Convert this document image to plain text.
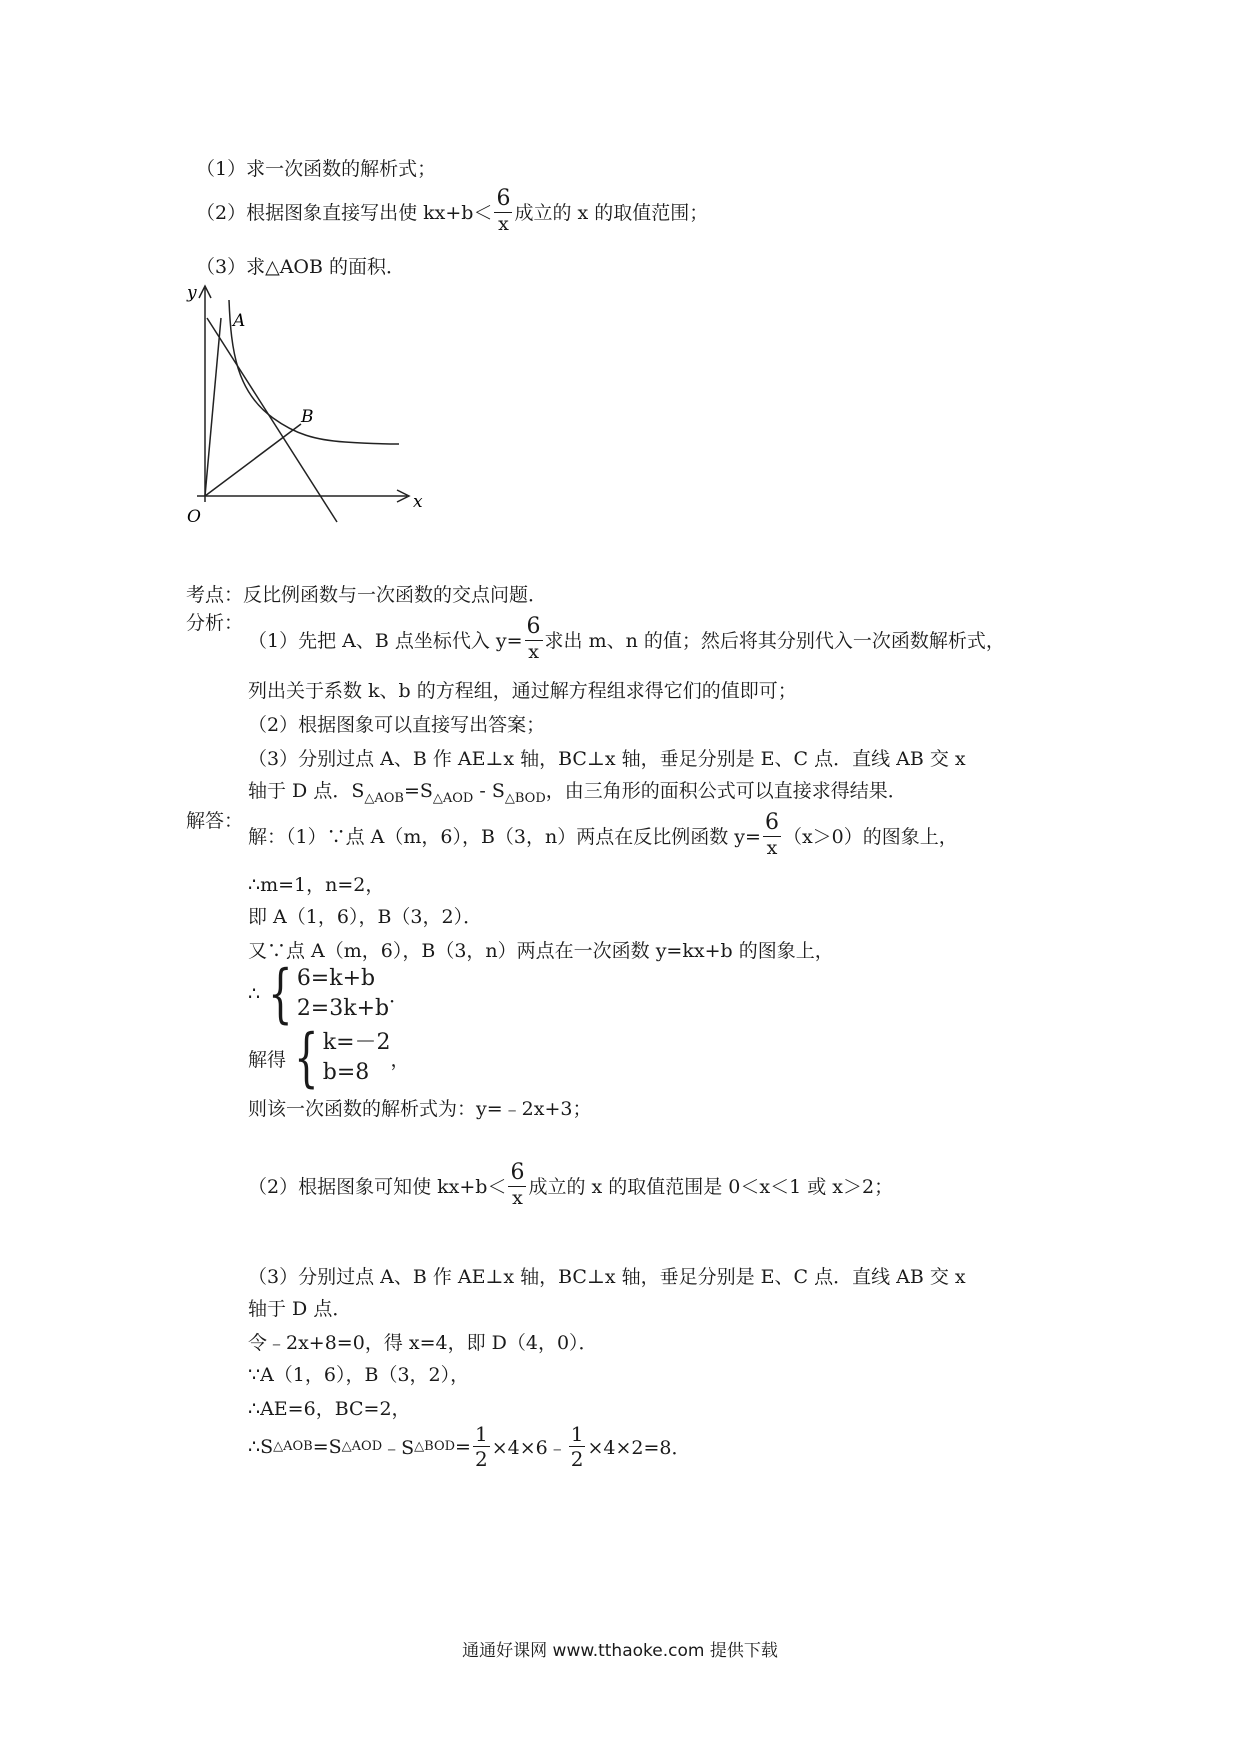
（1）求一次函数的解析式；
（2）根据图象直接写出使 $kx+b< \frac{6}{x}$ 成立的 x 的取值范围；
（3）求△AOB 的面积．
y
x
O
A
B
考点：反比例函数与一次函数的交点问题．
分析：
（1）先把 A、B 点坐标代入 $y= \frac{6}{x}$ 求出 m、n 的值；然后将其分别代入一次函数解析式，
列出关于系数 k、b 的方程组，通过解方程组求得它们的值即可；
（2）根据图象可以直接写出答案；
（3）分别过点 A、B 作 AE⊥x 轴，BC⊥x 轴，垂足分别是 E、C 点．直线 AB 交 x
轴于 D 点．$S_{\triangle AOB}=S_{\triangle AOD} - S_{\triangle BOD}$，由三角形的面积公式可以直接求得结果．
解答：
解：（1）∵点 A（m，6），B（3，n）两点在反比例函数 $y= \frac{6}{x} (x>0)$的图象上，
∴m=1，n=2，
即 A（1，6），B（3，2）．
又∵点 A（m，6），B（3，n）两点在一次函数 y=kx+b 的图象上，
∴ { 6=k+b
2=3k+b
．
解得 { k=－2
b=8
，
则该一次函数的解析式为：y=﹣2x+3；
（2）根据图象可知使 $kx+b< \frac{6}{x}$ 成立的 x 的取值范围是 0＜x＜1 或 x＞2；
（3）分别过点 A、B 作 AE⊥x 轴，BC⊥x 轴，垂足分别是 E、C 点．直线 AB 交 x
轴于 D 点．
令﹣2x+8=0，得 x=4，即 D（4，0）．
∵A（1，6），B（3，2），
∴AE=6，BC=2，
∴S △AOB =S △AOD ﹣S △BOD = $\frac{1}{2}$ ×4×6﹣ $\frac{1}{2} \times 4\times 2=8$．
通通好课网 www.tthaoke.com 提供下载
